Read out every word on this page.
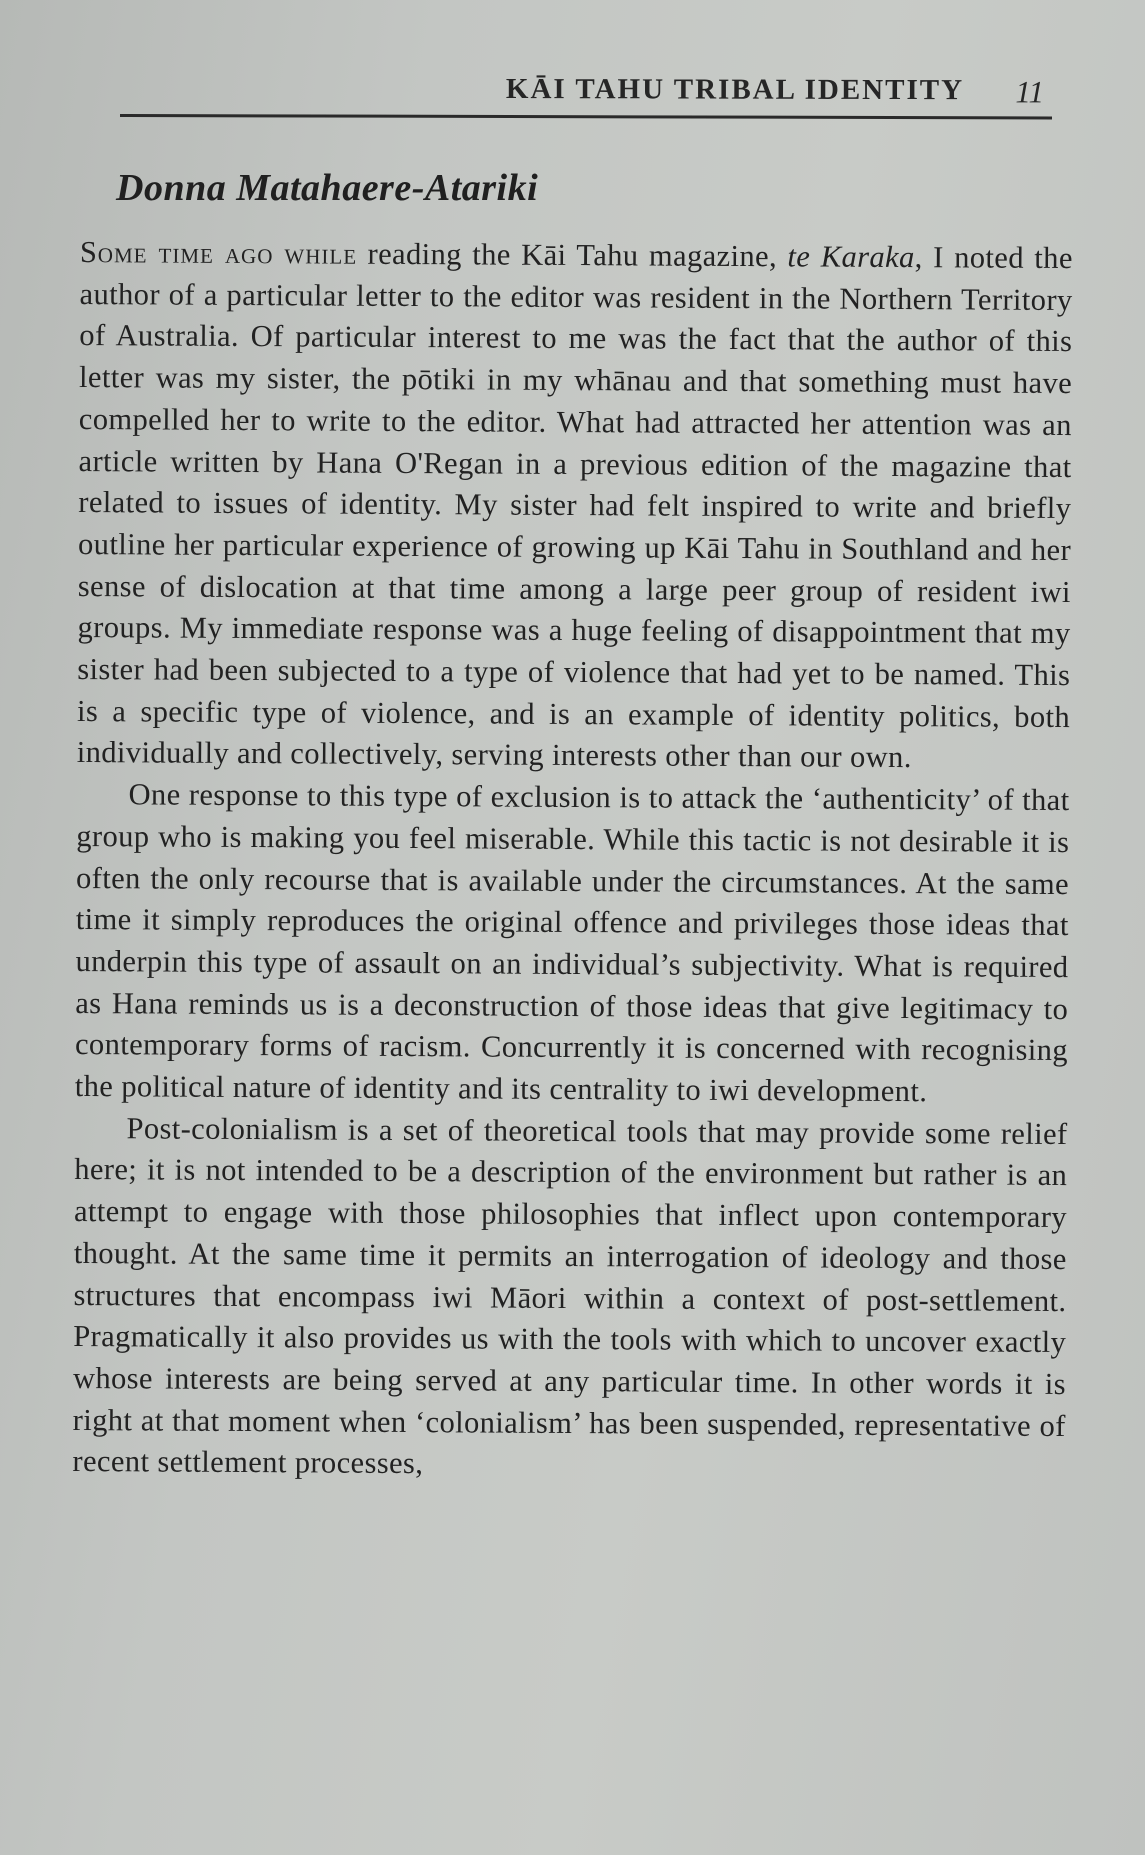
KĀI TAHU TRIBAL IDENTITY 11
Donna Matahaere-Atariki

Some time ago while reading the Kāi Tahu magazine, te Karaka, I noted the author of a particular letter to the editor was resident in the Northern Territory of Australia. Of particular interest to me was the fact that the author of this letter was my sister, the pōtiki in my whānau and that something must have compelled her to write to the editor. What had attracted her attention was an article written by Hana O'Regan in a previous edition of the magazine that related to issues of identity. My sister had felt inspired to write and briefly outline her particular experience of growing up Kāi Tahu in Southland and her sense of dislocation at that time among a large peer group of resident iwi groups. My immediate response was a huge feeling of disappointment that my sister had been subjected to a type of violence that had yet to be named. This is a specific type of violence, and is an example of identity politics, both individually and collectively, serving interests other than our own.

One response to this type of exclusion is to attack the ‘authenticity’ of that group who is making you feel miserable. While this tactic is not desirable it is often the only recourse that is available under the circumstances. At the same time it simply reproduces the original offence and privileges those ideas that underpin this type of assault on an individual’s subjectivity. What is required as Hana reminds us is a deconstruction of those ideas that give legitimacy to contemporary forms of racism. Concurrently it is concerned with recognising the political nature of identity and its centrality to iwi development.

Post-colonialism is a set of theoretical tools that may provide some relief here; it is not intended to be a description of the environment but rather is an attempt to engage with those philosophies that inflect upon contemporary thought. At the same time it permits an interrogation of ideology and those structures that encompass iwi Māori within a context of post-settlement. Pragmatically it also provides us with the tools with which to uncover exactly whose interests are being served at any particular time. In other words it is right at that moment when ‘colonialism’ has been suspended, representative of recent settlement processes,
